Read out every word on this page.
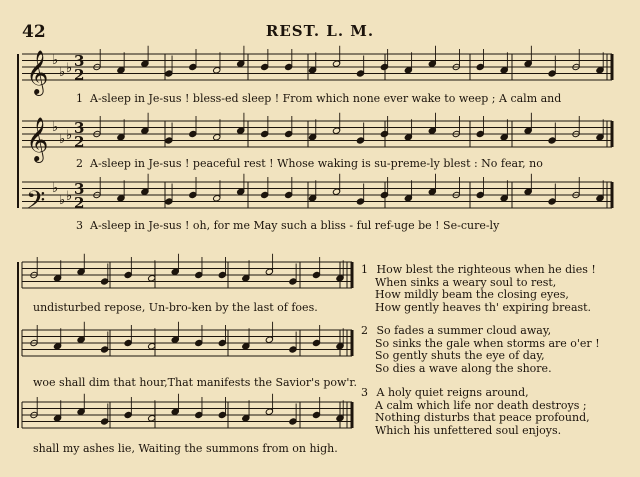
42	REST. L. M.
𝄞 ♭
♭ ♭ 3
2
𝄞 ♭
♭ ♭ 3
2
𝄢 ♭
♭ ♭ 3
2
1 A-sleep in Je-sus ! bless-ed sleep ! From which none ever wake to weep ; A calm and
2 A-sleep in Je-sus ! peaceful rest ! Whose waking is su-preme-ly blest : No fear, no
3 A-sleep in Je-sus ! oh, for me May such a bliss - ful ref-uge be ! Se-cure-ly
undisturbed repose, Un-bro-ken by the last of foes.
woe shall dim that hour,That manifests the Savior's pow'r.
shall my ashes lie, Waiting the summons from on high.
1 How blest the righteous when he dies !
When sinks a weary soul to rest,
How mildly beam the closing eyes,
How gently heaves th' expiring breast.
2 So fades a summer cloud away,
So sinks the gale when storms are o'er !
So gently shuts the eye of day,
So dies a wave along the shore.
3 A holy quiet reigns around,
A calm which life nor death destroys ;
Nothing disturbs that peace profound,
Which his unfettered soul enjoys.
